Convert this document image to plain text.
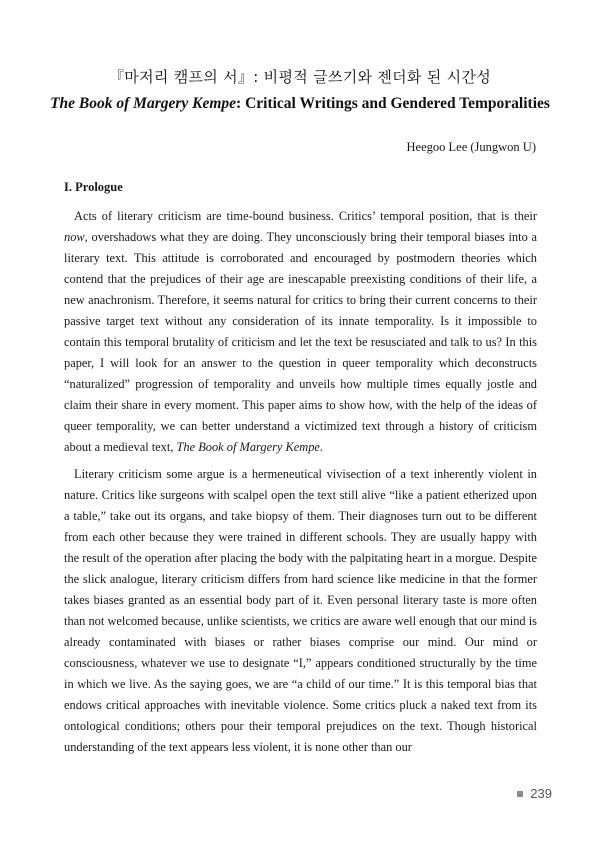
『마저리 캠프의 서』: 비평적 글쓰기와 젠더화 된 시간성
The Book of Margery Kempe: Critical Writings and Gendered Temporalities
Heegoo Lee (Jungwon U)
I. Prologue

Acts of literary criticism are time-bound business. Critics’ temporal position, that is their now, overshadows what they are doing. They unconsciously bring their temporal biases into a literary text. This attitude is corroborated and encouraged by postmodern theories which contend that the prejudices of their age are inescapable preexisting conditions of their life, a new anachronism. Therefore, it seems natural for critics to bring their current concerns to their passive target text without any consideration of its innate temporality. Is it impossible to contain this temporal brutality of criticism and let the text be resusciated and talk to us? In this paper, I will look for an answer to the question in queer temporality which deconstructs “naturalized” progression of temporality and unveils how multiple times equally jostle and claim their share in every moment. This paper aims to show how, with the help of the ideas of queer temporality, we can better understand a victimized text through a history of criticism about a medieval text, The Book of Margery Kempe.

Literary criticism some argue is a hermeneutical vivisection of a text inherently violent in nature. Critics like surgeons with scalpel open the text still alive “like a patient etherized upon a table,” take out its organs, and take biopsy of them. Their diagnoses turn out to be different from each other because they were trained in different schools. They are usually happy with the result of the operation after placing the body with the palpitating heart in a morgue. Despite the slick analogue, literary criticism differs from hard science like medicine in that the former takes biases granted as an essential body part of it. Even personal literary taste is more often than not welcomed because, unlike scientists, we critics are aware well enough that our mind is already contaminated with biases or rather biases comprise our mind. Our mind or consciousness, whatever we use to designate “I,” appears conditioned structurally by the time in which we live. As the saying goes, we are “a child of our time.” It is this temporal bias that endows critical approaches with inevitable violence. Some critics pluck a naked text from its ontological conditions; others pour their temporal prejudices on the text. Though historical understanding of the text appears less violent, it is none other than our

239
